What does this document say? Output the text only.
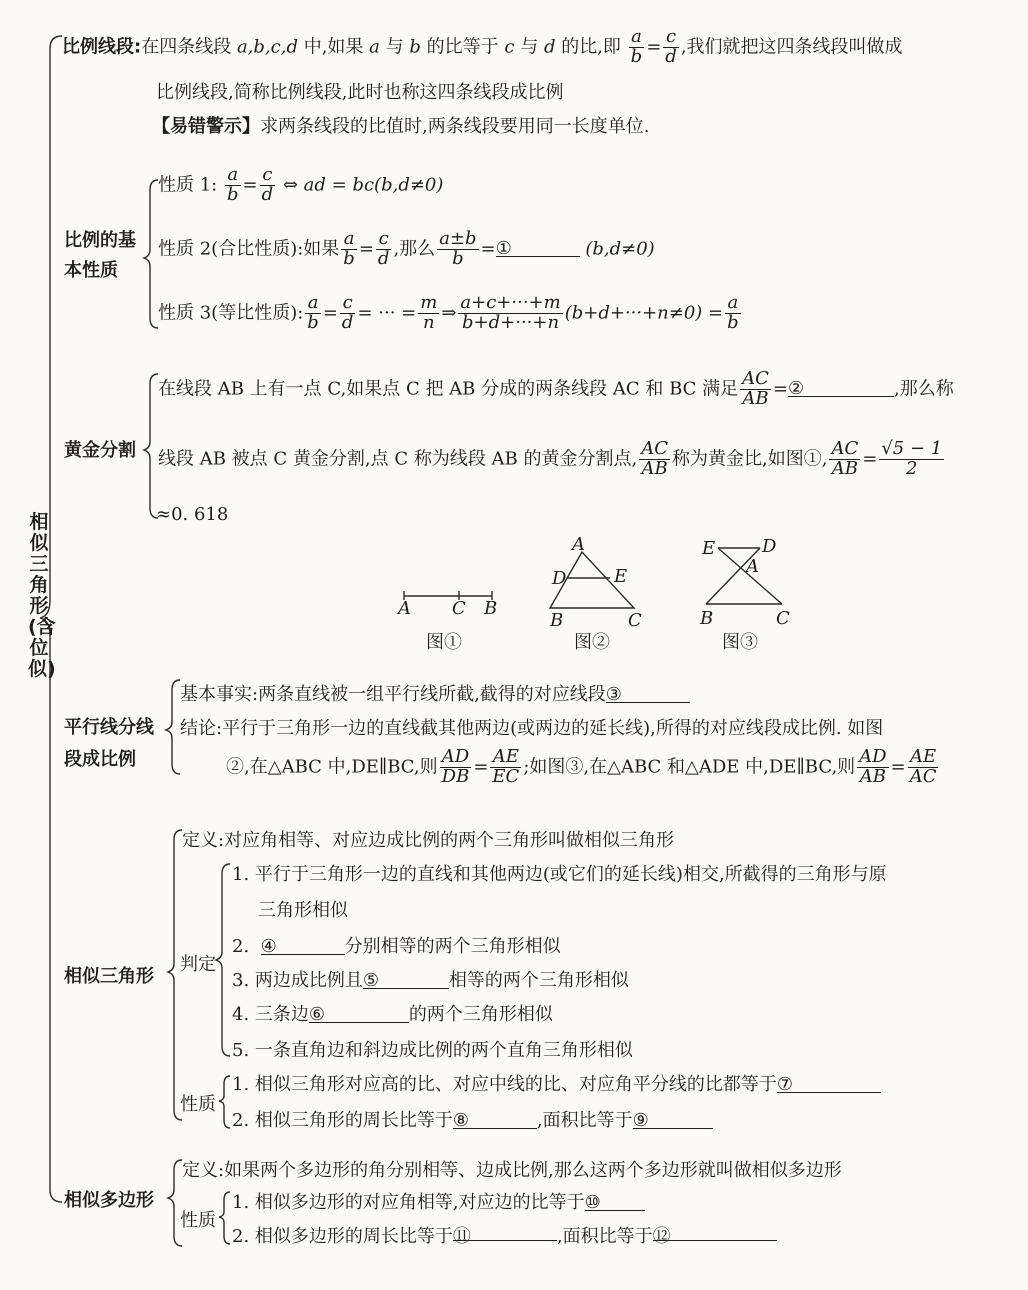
相似三角形(含位似)
比例线段:在四条线段 a,b,c,d 中,如果 a 与 b 的比等于 c 与 d 的比,即 $\frac{a}{b} = \frac{c}{d}$ ,我们就把这四条线段叫做成
比例线段,简称比例线段,此时也称这四条线段成比例
【易错警示】求两条线段的比值时,两条线段要用同一长度单位.
比例的基
本性质
性质 1: $\frac{a}{b} = \frac{c}{d}$ ⇔ ad = bc(b,d≠0)
性质 2(合比性质):如果 $\frac{a}{b} = \frac{c}{d}$ ,那么 $\frac{a\pm b}{b}$ =①	(b,d≠0)
性质 3(等比性质): $\frac{a}{b} = \frac{c}{d}$ = ··· = $\frac{m}{n}$ ⇒ $\frac{a+c+\cdot\cdot\cdot+m}{b+d+\cdot\cdot\cdot+n} (b+d+\cdot\cdot\cdot+n\ne 0) = \frac{a}{b}$
黄金分割
在线段 AB 上有一点 C,如果点 C 把 AB 分成的两条线段 AC 和 BC 满足 $\frac{AC}{AB}$ =②	,那么称
线段 AB 被点 C 黄金分割,点 C 称为线段 AB 的黄金分割点, $\frac{AC}{AB}$ 称为黄金比,如图①, $\frac{AC}{AB} = \frac{√5 - 1}{2}$
≈0. 618
A C B
图①
A
D	E
B	C
图②
E	D
A
B	C
图③
平行线分线
段成比例
基本事实:两条直线被一组平行线所截,截得的对应线段③
结论:平行于三角形一边的直线截其他两边(或两边的延长线),所得的对应线段成比例. 如图
②,在△ABC 中,DE∥BC,则 $\frac{AD}{DB} = \frac{AE}{EC}$ ;如图③,在△ABC 和△ADE 中,DE∥BC,则 $\frac{AD}{AB} = \frac{AE}{AC}$
相似三角形
定义:对应角相等、对应边成比例的两个三角形叫做相似三角形
判定
1. 平行于三角形一边的直线和其他两边(或它们的延长线)相交,所截得的三角形与原
三角形相似
2. ④	分别相等的两个三角形相似
3. 两边成比例且⑤	相等的两个三角形相似
4. 三条边⑥	的两个三角形相似
5. 一条直角边和斜边成比例的两个直角三角形相似
性质
1. 相似三角形对应高的比、对应中线的比、对应角平分线的比都等于⑦
2. 相似三角形的周长比等于⑧	,面积比等于⑨
相似多边形
定义:如果两个多边形的角分别相等、边成比例,那么这两个多边形就叫做相似多边形
性质
1. 相似多边形的对应角相等,对应边的比等于⑩
2. 相似多边形的周长比等于⑪	,面积比等于⑫
